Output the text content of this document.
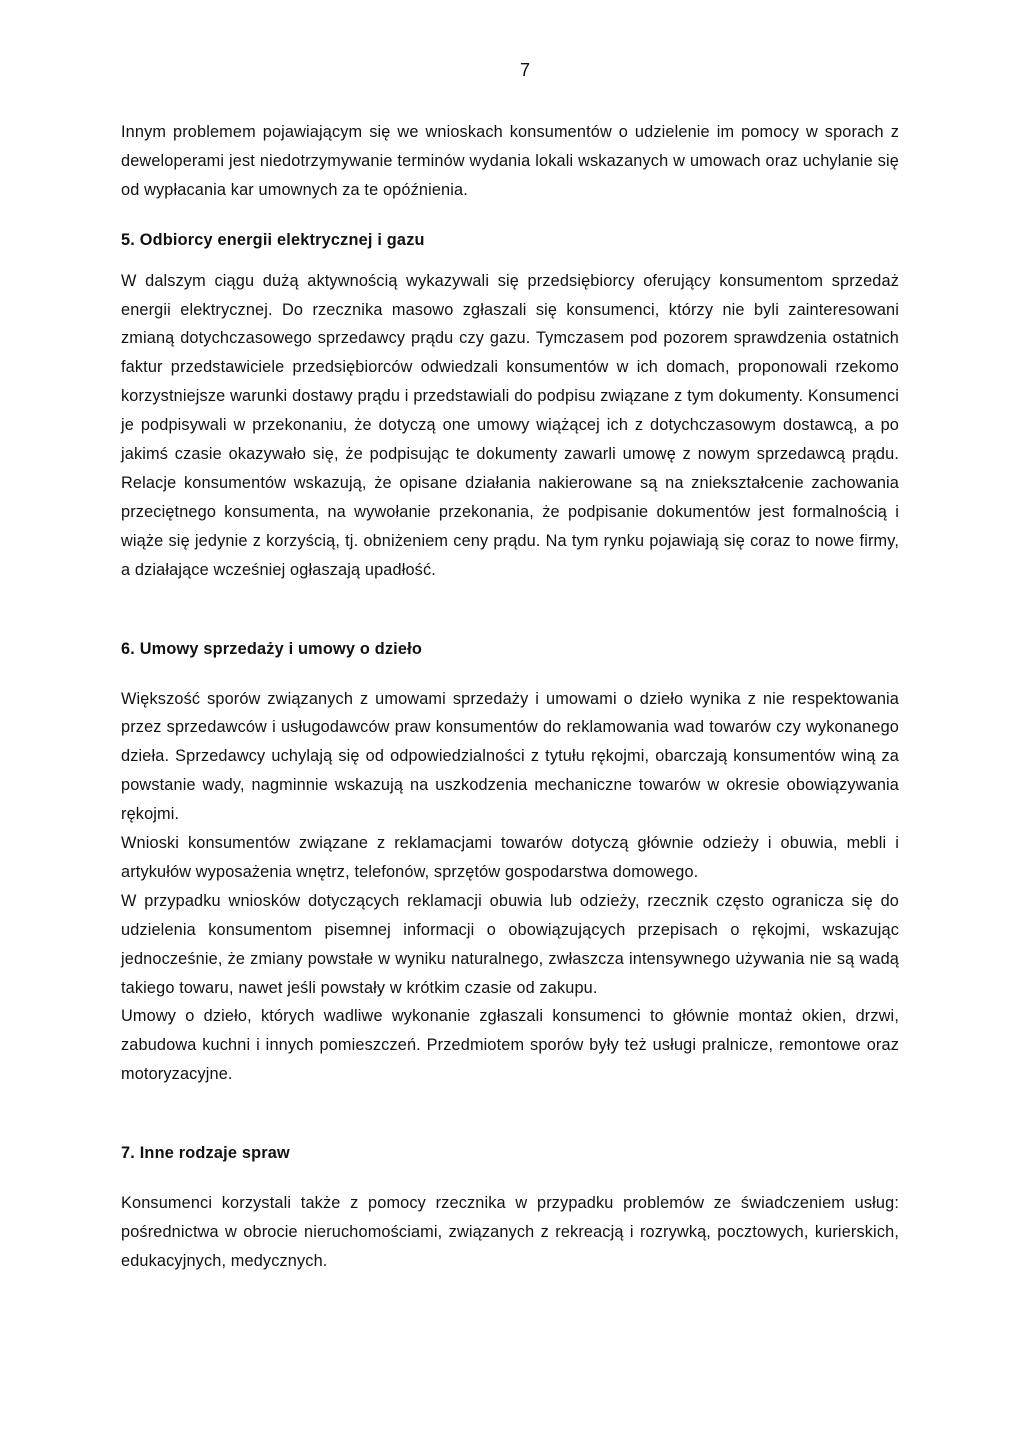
7

Innym problemem pojawiającym się we wnioskach konsumentów o udzielenie im pomocy w sporach z deweloperami jest niedotrzymywanie terminów wydania lokali wskazanych w umowach oraz uchylanie się od wypłacania kar umownych za te opóźnienia.

5. Odbiorcy energii elektrycznej i gazu

W dalszym ciągu dużą aktywnością wykazywali się przedsiębiorcy oferujący konsumentom sprzedaż energii elektrycznej. Do rzecznika masowo zgłaszali się konsumenci, którzy nie byli zainteresowani zmianą dotychczasowego sprzedawcy prądu czy gazu. Tymczasem pod pozorem sprawdzenia ostatnich faktur przedstawiciele przedsiębiorców odwiedzali konsumentów w ich domach, proponowali rzekomo korzystniejsze warunki dostawy prądu i przedstawiali do podpisu związane z tym dokumenty. Konsumenci je podpisywali w przekonaniu, że dotyczą one umowy wiążącej ich z dotychczasowym dostawcą, a po jakimś czasie okazywało się, że podpisując te dokumenty zawarli umowę z nowym sprzedawcą prądu. Relacje konsumentów wskazują, że opisane działania nakierowane są na zniekształcenie zachowania przeciętnego konsumenta, na wywołanie przekonania, że podpisanie dokumentów jest formalnością i wiąże się jedynie z korzyścią, tj. obniżeniem ceny prądu. Na tym rynku pojawiają się coraz to nowe firmy, a działające wcześniej ogłaszają upadłość.

6. Umowy sprzedaży i umowy o dzieło

Większość sporów związanych z umowami sprzedaży i umowami o dzieło wynika z nie respektowania przez sprzedawców i usługodawców praw konsumentów do reklamowania wad towarów czy wykonanego dzieła. Sprzedawcy uchylają się od odpowiedzialności z tytułu rękojmi, obarczają konsumentów winą za powstanie wady, nagminnie wskazują na uszkodzenia mechaniczne towarów w okresie obowiązywania rękojmi.

Wnioski konsumentów związane z reklamacjami towarów dotyczą głównie odzieży i obuwia, mebli i artykułów wyposażenia wnętrz, telefonów, sprzętów gospodarstwa domowego.

W przypadku wniosków dotyczących reklamacji obuwia lub odzieży, rzecznik często ogranicza się do udzielenia konsumentom pisemnej informacji o obowiązujących przepisach o rękojmi, wskazując jednocześnie, że zmiany powstałe w wyniku naturalnego, zwłaszcza intensywnego używania nie są wadą takiego towaru, nawet jeśli powstały w krótkim czasie od zakupu.

Umowy o dzieło, których wadliwe wykonanie zgłaszali konsumenci to głównie montaż okien, drzwi, zabudowa kuchni i innych pomieszczeń. Przedmiotem sporów były też usługi pralnicze, remontowe oraz motoryzacyjne.

7. Inne rodzaje spraw

Konsumenci korzystali także z pomocy rzecznika w przypadku problemów ze świadczeniem usług: pośrednictwa w obrocie nieruchomościami, związanych z rekreacją i rozrywką, pocztowych, kurierskich, edukacyjnych, medycznych.
